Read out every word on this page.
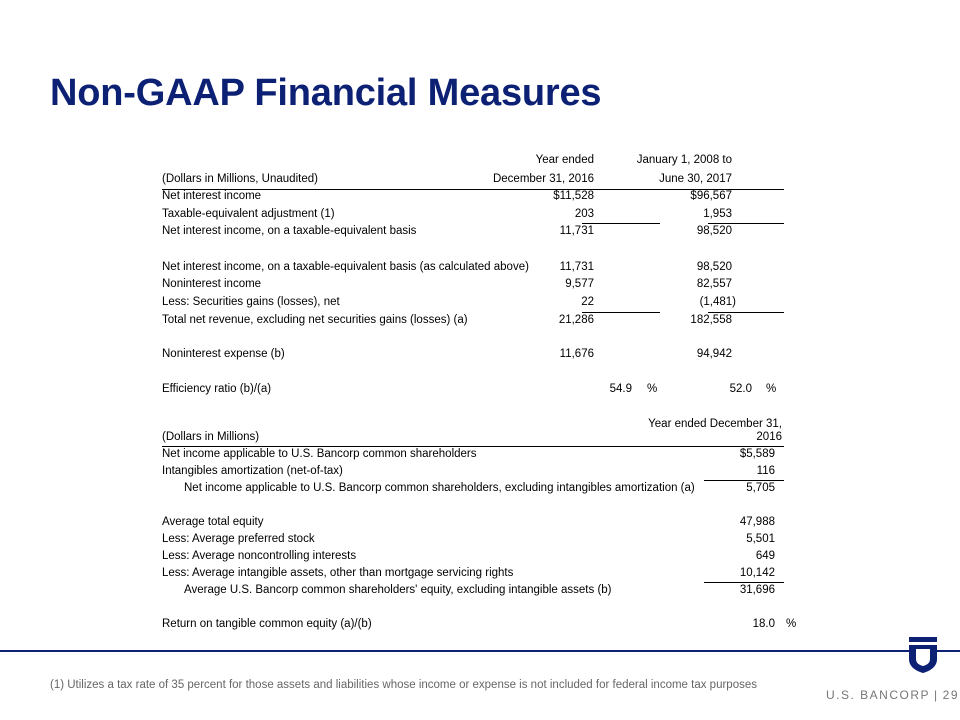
Non-GAAP Financial Measures
Year ended	January 1, 2008 to
(Dollars in Millions, Unaudited)	December 31, 2016	June 30, 2017
Net interest income	$11,528	$96,567
Taxable-equivalent adjustment (1)	203	1,953
Net interest income, on a taxable-equivalent basis	11,731	98,520
Net interest income, on a taxable-equivalent basis (as calculated above)	11,731	98,520
Noninterest income	9,577	82,557
Less: Securities gains (losses), net	22	(1,481)
Total net revenue, excluding net securities gains (losses) (a)	21,286	182,558
Noninterest expense (b)	11,676	94,942
Efficiency ratio (b)/(a)	54.9 %	52.0 %
Year ended December 31,
(Dollars in Millions)	2016
Net income applicable to U.S. Bancorp common shareholders	$5,589
Intangibles amortization (net-of-tax)	116
Net income applicable to U.S. Bancorp common shareholders, excluding intangibles amortization (a)	5,705
Average total equity	47,988
Less: Average preferred stock	5,501
Less: Average noncontrolling interests	649
Less: Average intangible assets, other than mortgage servicing rights	10,142
Average U.S. Bancorp common shareholders' equity, excluding intangible assets (b)	31,696
Return on tangible common equity (a)/(b)	18.0 %
(1) Utilizes a tax rate of 35 percent for those assets and liabilities whose income or expense is not included for federal income tax purposes
U.S. BANCORP | 29
